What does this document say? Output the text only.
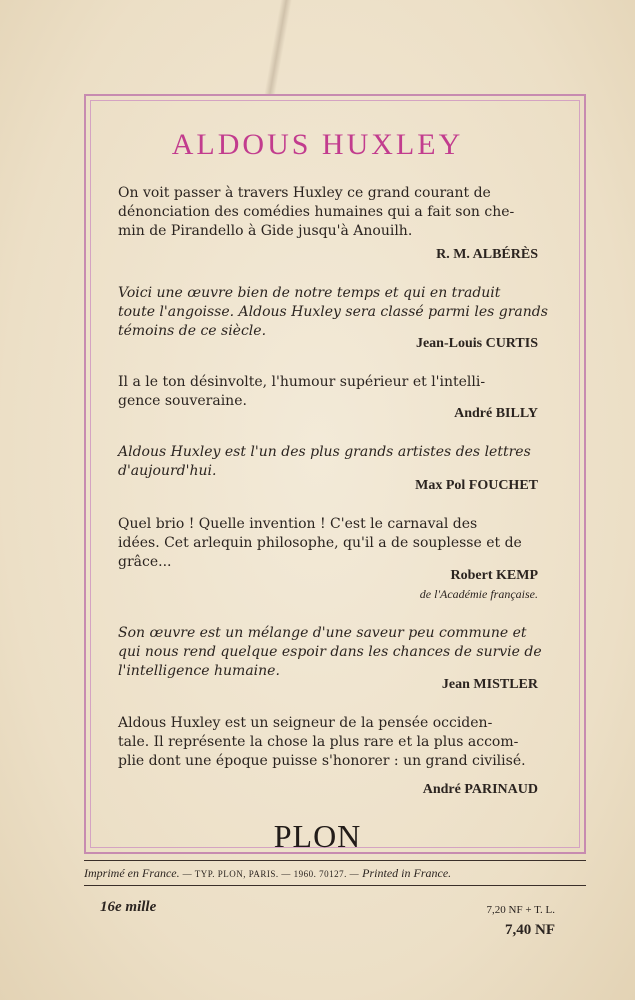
ALDOUS HUXLEY
On voit passer à travers Huxley ce grand courant de
dénonciation des comédies humaines qui a fait son che-
min de Pirandello à Gide jusqu'à Anouilh.
R. M. ALBÉRÈS
Voici une œuvre bien de notre temps et qui en traduit
toute l'angoisse. Aldous Huxley sera classé parmi les grands
témoins de ce siècle.
Jean-Louis CURTIS
Il a le ton désinvolte, l'humour supérieur et l'intelli-
gence souveraine.
André BILLY
Aldous Huxley est l'un des plus grands artistes des lettres
d'aujourd'hui.
Max Pol FOUCHET
Quel brio ! Quelle invention ! C'est le carnaval des
idées. Cet arlequin philosophe, qu'il a de souplesse et de
grâce...
Robert KEMP
de l'Académie française.
Son œuvre est un mélange d'une saveur peu commune et
qui nous rend quelque espoir dans les chances de survie de
l'intelligence humaine.
Jean MISTLER
Aldous Huxley est un seigneur de la pensée occiden-
tale. Il représente la chose la plus rare et la plus accom-
plie dont une époque puisse s'honorer : un grand civilisé.
André PARINAUD
PLON
Imprimé en France. — TYP. PLON, PARIS. — 1960. 70127. — Printed in France.
16e mille	7,20 NF + T. L.
7,40 NF
